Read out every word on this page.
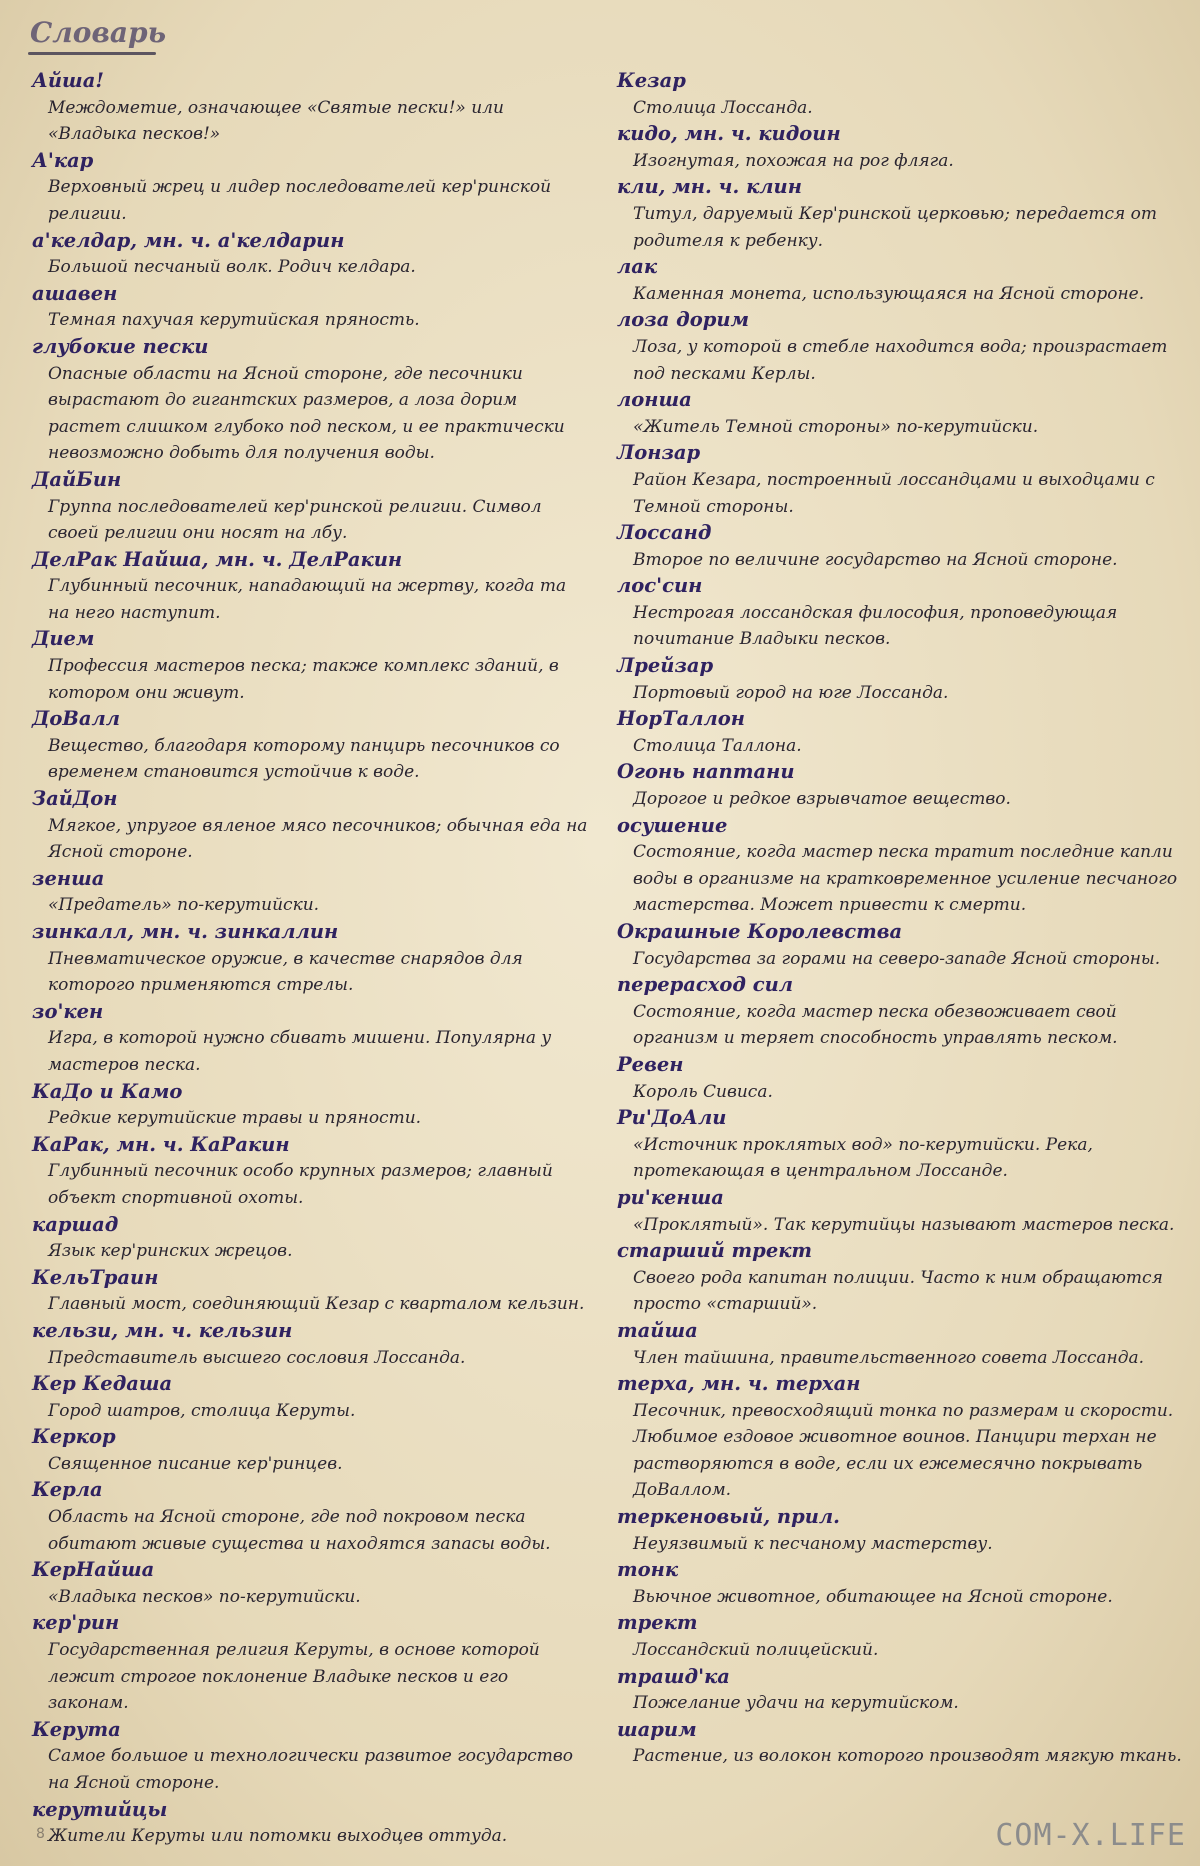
Словарь
Айша!
Междометие, означающее «Святые пески!» или «Владыка песков!»
А'кар
Верховный жрец и лидер последователей кер'ринской религии.
а'келдар, мн. ч. а'келдарин
Большой песчаный волк. Родич келдара.
ашавен
Темная пахучая керутийская пряность.
глубокие пески
Опасные области на Ясной стороне, где песочники вырастают до гигантских размеров, а лоза дорим растет слишком глубоко под песком, и ее практически невозможно добыть для получения воды.
ДайБин
Группа последователей кер'ринской религии. Символ своей религии они носят на лбу.
ДелРак Найша, мн. ч. ДелРакин
Глубинный песочник, нападающий на жертву, когда та на него наступит.
Дием
Профессия мастеров песка; также комплекс зданий, в котором они живут.
ДоВалл
Вещество, благодаря которому панцирь песочников со временем становится устойчив к воде.
ЗайДон
Мягкое, упругое вяленое мясо песочников; обычная еда на Ясной стороне.
зенша
«Предатель» по-керутийски.
зинкалл, мн. ч. зинкаллин
Пневматическое оружие, в качестве снарядов для которого применяются стрелы.
зо'кен
Игра, в которой нужно сбивать мишени. Популярна у мастеров песка.
КаДо и Камо
Редкие керутийские травы и пряности.
КаРак, мн. ч. КаРакин
Глубинный песочник особо крупных размеров; главный объект спортивной охоты.
каршад
Язык кер'ринских жрецов.
КельТраин
Главный мост, соединяющий Кезар с кварталом кельзин.
кельзи, мн. ч. кельзин
Представитель высшего сословия Лоссанда.
Кер Кедаша
Город шатров, столица Керуты.
Керкор
Священное писание кер'ринцев.
Керла
Область на Ясной стороне, где под покровом песка обитают живые существа и находятся запасы воды.
КерНайша
«Владыка песков» по-керутийски.
кер'рин
Государственная религия Керуты, в основе которой лежит строгое поклонение Владыке песков и его законам.
Керута
Самое большое и технологически развитое государство на Ясной стороне.
керутийцы
Жители Керуты или потомки выходцев оттуда.
Кезар
Столица Лоссанда.
кидо, мн. ч. кидоин
Изогнутая, похожая на рог фляга.
кли, мн. ч. клин
Титул, даруемый Кер'ринской церковью; передается от родителя к ребенку.
лак
Каменная монета, использующаяся на Ясной стороне.
лоза дорим
Лоза, у которой в стебле находится вода; произрастает под песками Керлы.
лонша
«Житель Темной стороны» по-керутийски.
Лонзар
Район Кезара, построенный лоссандцами и выходцами с Темной стороны.
Лоссанд
Второе по величине государство на Ясной стороне.
лос'син
Нестрогая лоссандская философия, проповедующая почитание Владыки песков.
Лрейзар
Портовый город на юге Лоссанда.
НорТаллон
Столица Таллона.
Огонь наптани
Дорогое и редкое взрывчатое вещество.
осушение
Состояние, когда мастер песка тратит последние капли воды в организме на кратковременное усиление песчаного мастерства. Может привести к смерти.
Окрашные Королевства
Государства за горами на северо-западе Ясной стороны.
перерасход сил
Состояние, когда мастер песка обезвоживает свой организм и теряет способность управлять песком.
Ревен
Король Сивиса.
Ри'ДоАли
«Источник проклятых вод» по-керутийски. Река, протекающая в центральном Лоссанде.
ри'кенша
«Проклятый». Так керутийцы называют мастеров песка.
старший трект
Своего рода капитан полиции. Часто к ним обращаются просто «старший».
тайша
Член тайшина, правительственного совета Лоссанда.
терха, мн. ч. терхан
Песочник, превосходящий тонка по размерам и скорости. Любимое ездовое животное воинов. Панцири терхан не растворяются в воде, если их ежемесячно покрывать ДоВаллом.
теркеновый, прил.
Неуязвимый к песчаному мастерству.
тонк
Вьючное животное, обитающее на Ясной стороне.
трект
Лоссандский полицейский.
трашд'ка
Пожелание удачи на керутийском.
шарим
Растение, из волокон которого производят мягкую ткань.
8	COM-X.LIFE
